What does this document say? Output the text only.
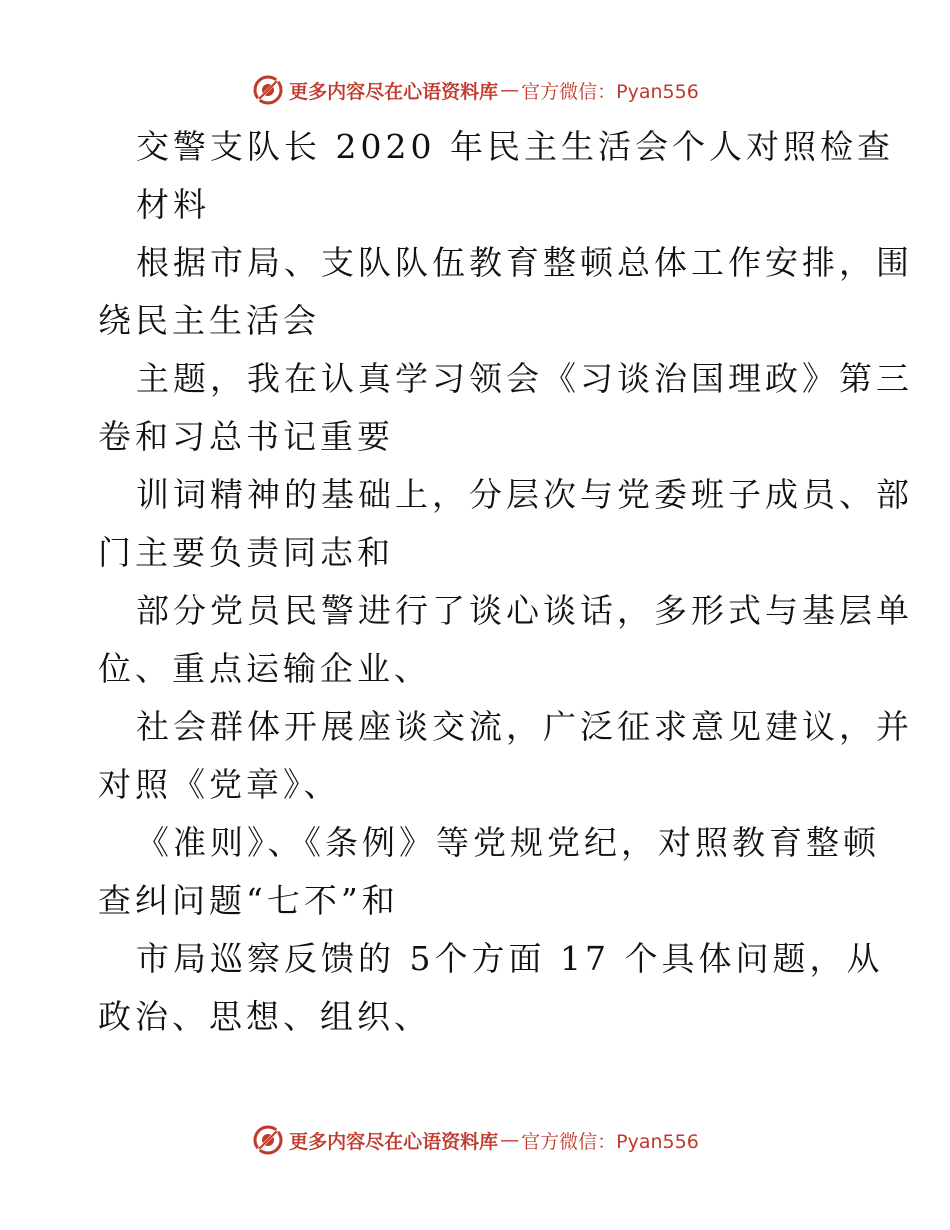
更多内容尽在心语资料库 — 官方微信：Pyan556
交警支队长 2020 年民主生活会个人对照检查
材料
根据市局、支队队伍教育整顿总体工作安排，围
绕民主生活会
主题，我在认真学习领会《习谈治国理政》第三
卷和习总书记重要
训词精神的基础上，分层次与党委班子成员、部
门主要负责同志和
部分党员民警进行了谈心谈话，多形式与基层单
位、重点运输企业、
社会群体开展座谈交流，广泛征求意见建议，并
对照《党章》、
《准则》、《条例》等党规党纪，对照教育整顿
查纠问题“七不”和
市局巡察反馈的 5个方面 17 个具体问题，从
政治、思想、组织、
更多内容尽在心语资料库 — 官方微信：Pyan556
